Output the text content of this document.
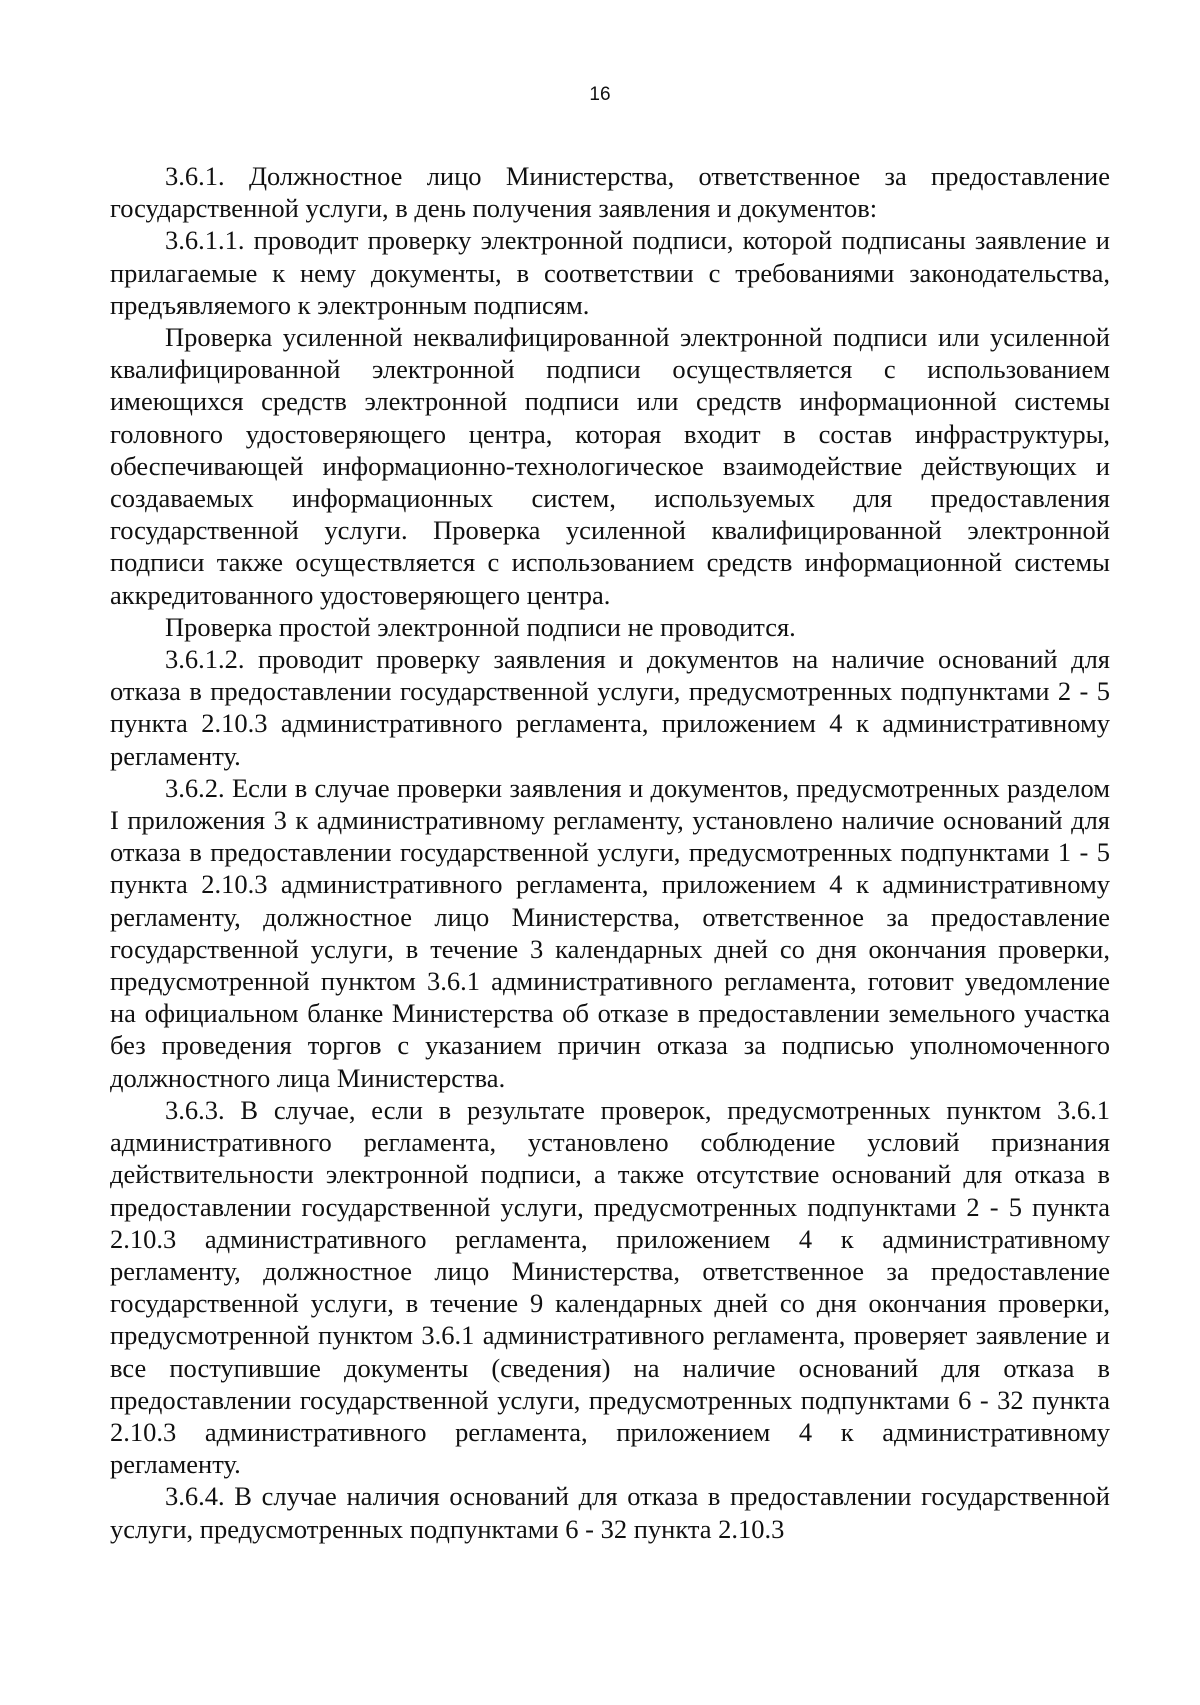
16

3.6.1. Должностное лицо Министерства, ответственное за предоставление государственной услуги, в день получения заявления и документов:

3.6.1.1. проводит проверку электронной подписи, которой подписаны заявление и прилагаемые к нему документы, в соответствии с требованиями законодательства, предъявляемого к электронным подписям.

Проверка усиленной неквалифицированной электронной подписи или усиленной квалифицированной электронной подписи осуществляется с использованием имеющихся средств электронной подписи или средств информационной системы головного удостоверяющего центра, которая входит в состав инфраструктуры, обеспечивающей информационно-технологическое взаимодействие действующих и создаваемых информационных систем, используемых для предоставления государственной услуги. Проверка усиленной квалифицированной электронной подписи также осуществляется с использованием средств информационной системы аккредитованного удостоверяющего центра.

Проверка простой электронной подписи не проводится.

3.6.1.2. проводит проверку заявления и документов на наличие оснований для отказа в предоставлении государственной услуги, предусмотренных подпунктами 2 - 5 пункта 2.10.3 административного регламента, приложением 4 к административному регламенту.

3.6.2. Если в случае проверки заявления и документов, предусмотренных разделом I приложения 3 к административному регламенту, установлено наличие оснований для отказа в предоставлении государственной услуги, предусмотренных подпунктами 1 - 5 пункта 2.10.3 административного регламента, приложением 4 к административному регламенту, должностное лицо Министерства, ответственное за предоставление государственной услуги, в течение 3 календарных дней со дня окончания проверки, предусмотренной пунктом 3.6.1 административного регламента, готовит уведомление на официальном бланке Министерства об отказе в предоставлении земельного участка без проведения торгов с указанием причин отказа за подписью уполномоченного должностного лица Министерства.

3.6.3. В случае, если в результате проверок, предусмотренных пунктом 3.6.1 административного регламента, установлено соблюдение условий признания действительности электронной подписи, а также отсутствие оснований для отказа в предоставлении государственной услуги, предусмотренных подпунктами 2 - 5 пункта 2.10.3 административного регламента, приложением 4 к административному регламенту, должностное лицо Министерства, ответственное за предоставление государственной услуги, в течение 9 календарных дней со дня окончания проверки, предусмотренной пунктом 3.6.1 административного регламента, проверяет заявление и все поступившие документы (сведения) на наличие оснований для отказа в предоставлении государственной услуги, предусмотренных подпунктами 6 - 32 пункта 2.10.3 административного регламента, приложением 4 к административному регламенту.

3.6.4. В случае наличия оснований для отказа в предоставлении государственной услуги, предусмотренных подпунктами 6 - 32 пункта 2.10.3
